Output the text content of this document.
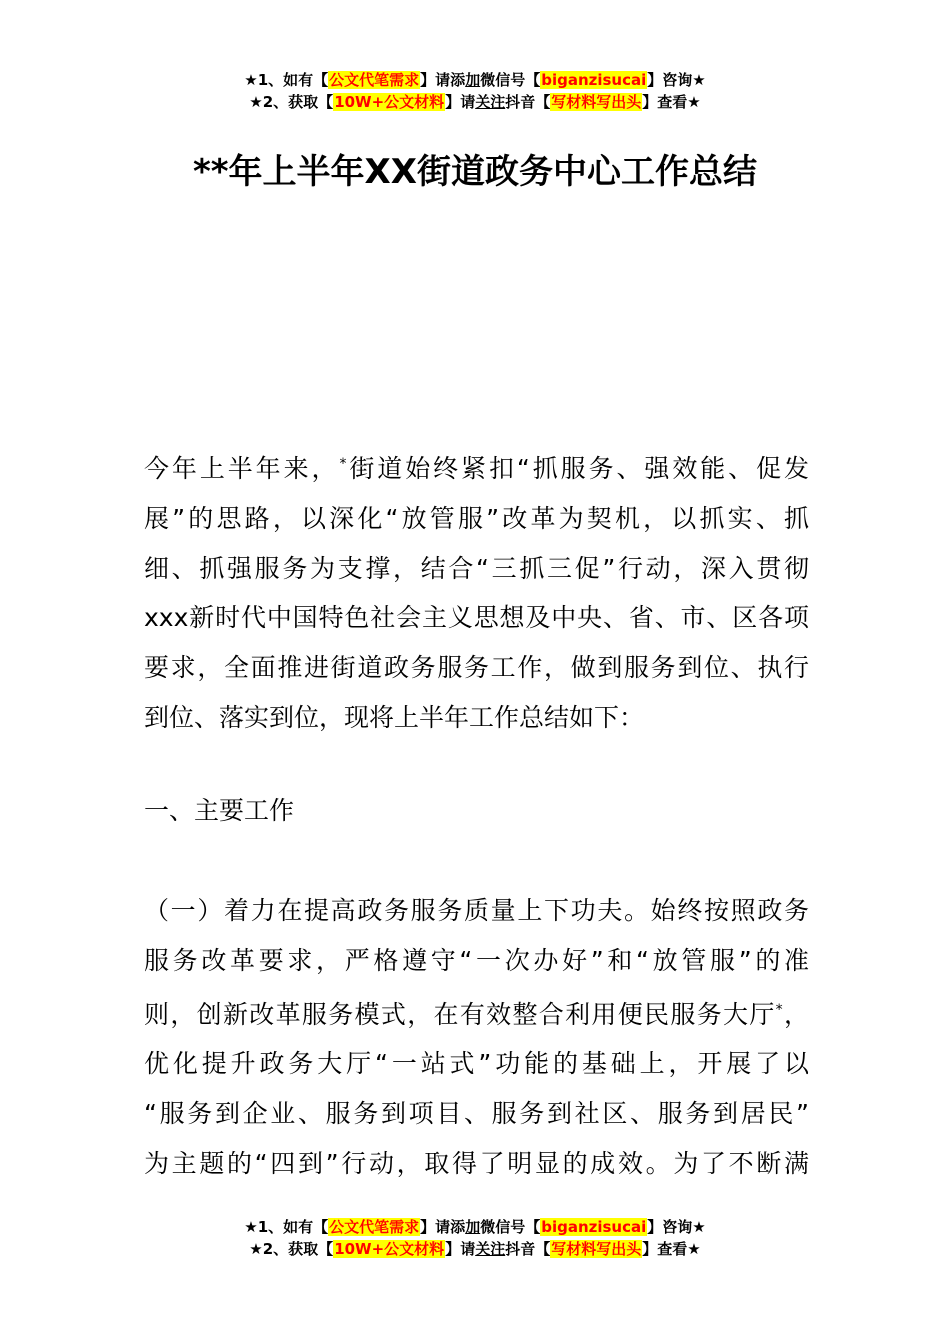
★1、如有【公文代笔需求】请添加微信号【biganzisucai】咨询★
★2、获取【10W+公文材料】请关注抖音【写材料写出头】查看★
**年上半年XX街道政务中心工作总结
今年上半年来，*街道始终紧扣“抓服务、强效能、促发
展”的思路，以深化“放管服”改革为契机，以抓实、抓
细、抓强服务为支撑，结合“三抓三促”行动，深入贯彻
xxx新时代中国特色社会主义思想及中央、省、市、区各项
要求，全面推进街道政务服务工作，做到服务到位、执行
到位、落实到位，现将上半年工作总结如下：
一、主要工作
（一）着力在提高政务服务质量上下功夫。始终按照政务
服务改革要求，严格遵守“一次办好”和“放管服”的准
则，创新改革服务模式，在有效整合利用便民服务大厅*，
优化提升政务大厅“一站式”功能的基础上，开展了以
“服务到企业、服务到项目、服务到社区、服务到居民”
为主题的“四到”行动，取得了明显的成效。为了不断满
★1、如有【公文代笔需求】请添加微信号【biganzisucai】咨询★
★2、获取【10W+公文材料】请关注抖音【写材料写出头】查看★
